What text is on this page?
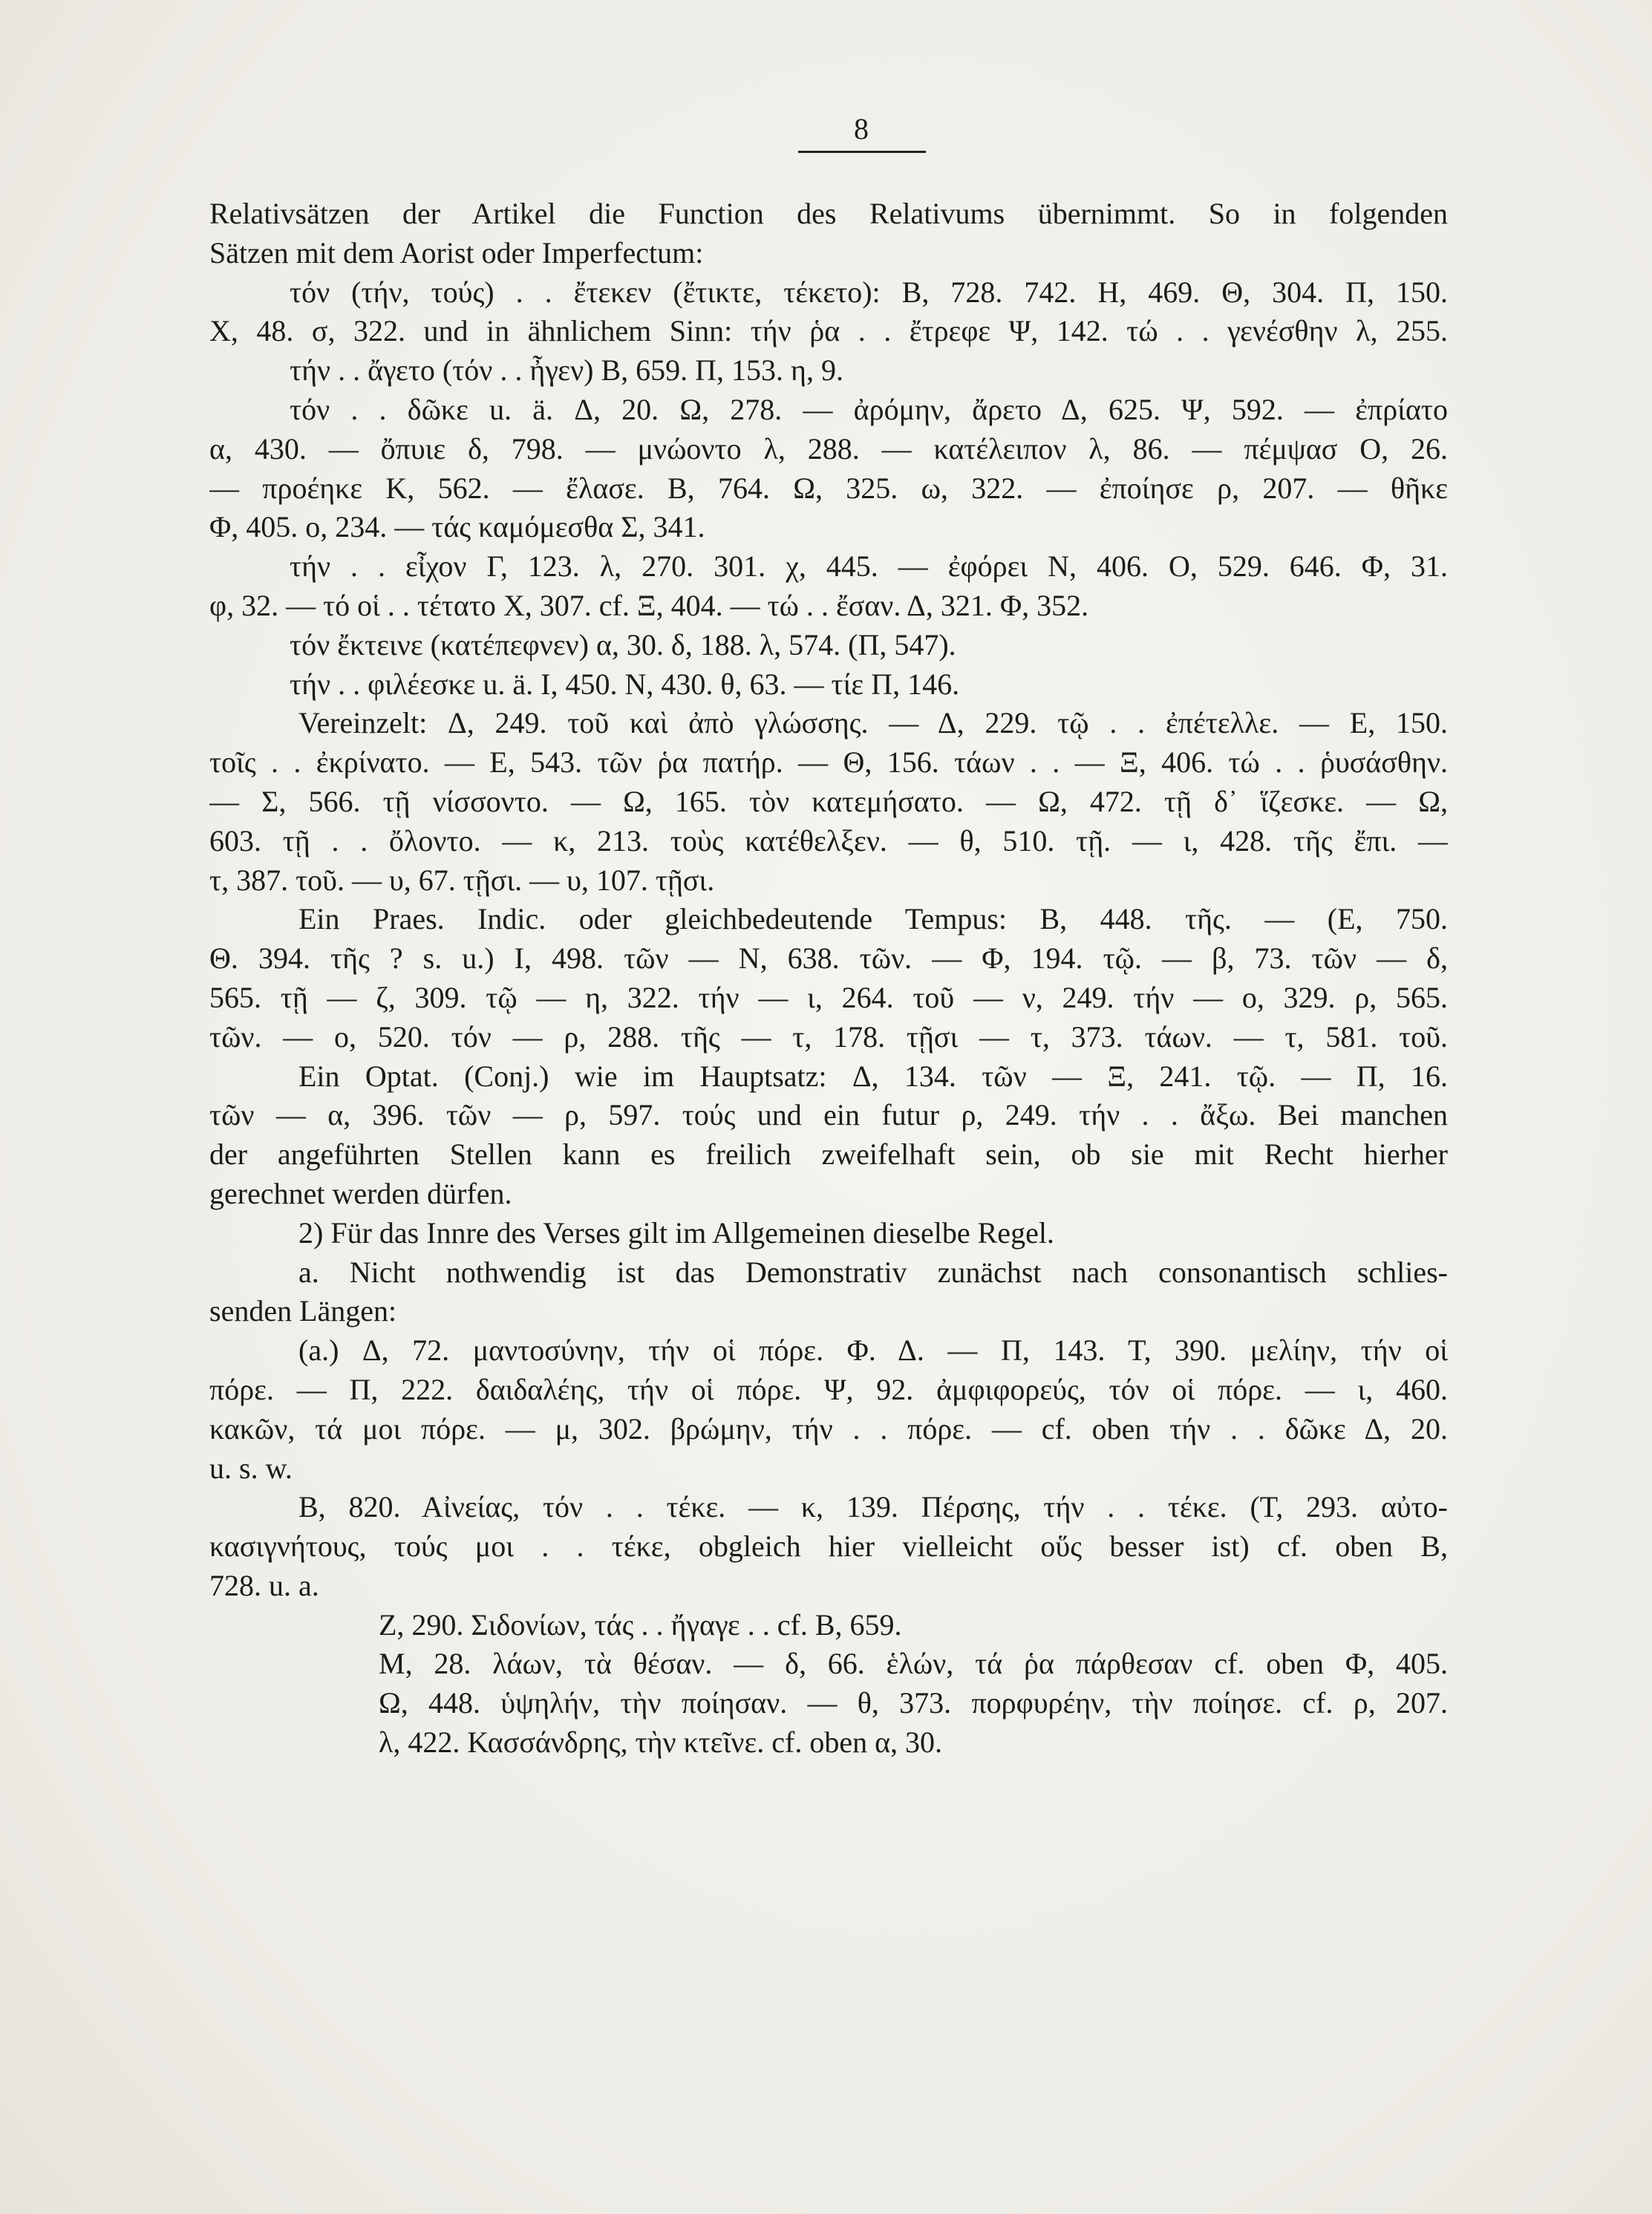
8
Relativsätzen der Artikel die Function des Relativums übernimmt. So in folgenden
Sätzen mit dem Aorist oder Imperfectum:
τόν (τήν, τούς) . . ἔτεκεν (ἔτικτε, τέκετο): Β, 728. 742. Η, 469. Θ, 304. Π, 150.
Χ, 48. σ, 322. und in ähnlichem Sinn: τήν ῥα . . ἔτρεφε Ψ, 142. τώ . . γενέσθην λ, 255.
τήν . . ἄγετο (τόν . . ἦγεν) Β, 659. Π, 153. η, 9.
τόν . . δῶκε u. ä. Δ, 20. Ω, 278. — ἀρόμην, ἄρετο Δ, 625. Ψ, 592. — ἐπρίατο
α, 430. — ὄπυιε δ, 798. — μνώοντο λ, 288. — κατέλειπον λ, 86. — πέμψασ Ο, 26.
— προέηκε Κ, 562. — ἔλασε. Β, 764. Ω, 325. ω, 322. — ἐποίησε ρ, 207. — θῆκε
Φ, 405. ο, 234. — τάς καμόμεσθα Σ, 341.
τήν . . εἶχον Γ, 123. λ, 270. 301. χ, 445. — ἐφόρει Ν, 406. Ο, 529. 646. Φ, 31.
φ, 32. — τό οἱ . . τέτατο Χ, 307. cf. Ξ, 404. — τώ . . ἔσαν. Δ, 321. Φ, 352.
τόν ἔκτεινε (κατέπεφνεν) α, 30. δ, 188. λ, 574. (Π, 547).
τήν . . φιλέεσκε u. ä. Ι, 450. Ν, 430. θ, 63. — τίε Π, 146.
Vereinzelt: Δ, 249. τοῦ καὶ ἀπὸ γλώσσης. — Δ, 229. τῷ . . ἐπέτελλε. — Ε, 150.
τοῖς . . ἐκρίνατο. — Ε, 543. τῶν ῥα πατήρ. — Θ, 156. τάων . . — Ξ, 406. τώ . . ῥυσάσθην.
— Σ, 566. τῇ νίσσοντο. — Ω, 165. τὸν κατεμήσατο. — Ω, 472. τῇ δ᾽ ἵζεσκε. — Ω,
603. τῇ . . ὄλοντο. — κ, 213. τοὺς κατέθελξεν. — θ, 510. τῇ. — ι, 428. τῆς ἔπι. —
τ, 387. τοῦ. — υ, 67. τῇσι. — υ, 107. τῇσι.
Ein Praes. Indic. oder gleichbedeutende Tempus: Β, 448. τῆς. — (Ε, 750.
Θ. 394. τῆς ? s. u.) Ι, 498. τῶν — Ν, 638. τῶν. — Φ, 194. τῷ. — β, 73. τῶν — δ,
565. τῇ — ζ, 309. τῷ — η, 322. τήν — ι, 264. τοῦ — ν, 249. τήν — ο, 329. ρ, 565.
τῶν. — ο, 520. τόν — ρ, 288. τῆς — τ, 178. τῇσι — τ, 373. τάων. — τ, 581. τοῦ.
Ein Optat. (Conj.) wie im Hauptsatz: Δ, 134. τῶν — Ξ, 241. τῷ. — Π, 16.
τῶν — α, 396. τῶν — ρ, 597. τούς und ein futur ρ, 249. τήν . . ἄξω. Bei manchen
der angeführten Stellen kann es freilich zweifelhaft sein, ob sie mit Recht hierher
gerechnet werden dürfen.
2) Für das Innre des Verses gilt im Allgemeinen dieselbe Regel.
a. Nicht nothwendig ist das Demonstrativ zunächst nach consonantisch schlies-
senden Längen:
(a.) Δ, 72. μαντοσύνην, τήν οἱ πόρε. Φ. Δ. — Π, 143. Τ, 390. μελίην, τήν οἱ
πόρε. — Π, 222. δαιδαλέης, τήν οἱ πόρε. Ψ, 92. ἀμφιφορεύς, τόν οἱ πόρε. — ι, 460.
κακῶν, τά μοι πόρε. — μ, 302. βρώμην, τήν . . πόρε. — cf. oben τήν . . δῶκε Δ, 20.
u. s. w.
Β, 820. Αἰνείας, τόν . . τέκε. — κ, 139. Πέρσης, τήν . . τέκε. (Τ, 293. αὐτο-
κασιγνήτους, τούς μοι . . τέκε, obgleich hier vielleicht οὕς besser ist) cf. oben Β,
728. u. a.
Ζ, 290. Σιδονίων, τάς . . ἤγαγε . . cf. Β, 659.
Μ, 28. λάων, τὰ θέσαν. — δ, 66. ἑλών, τά ῥα πάρθεσαν cf. oben Φ, 405.
Ω, 448. ὑψηλήν, τὴν ποίησαν. — θ, 373. πορφυρέην, τὴν ποίησε. cf. ρ, 207.
λ, 422. Κασσάνδρης, τὴν κτεῖνε. cf. oben α, 30.
